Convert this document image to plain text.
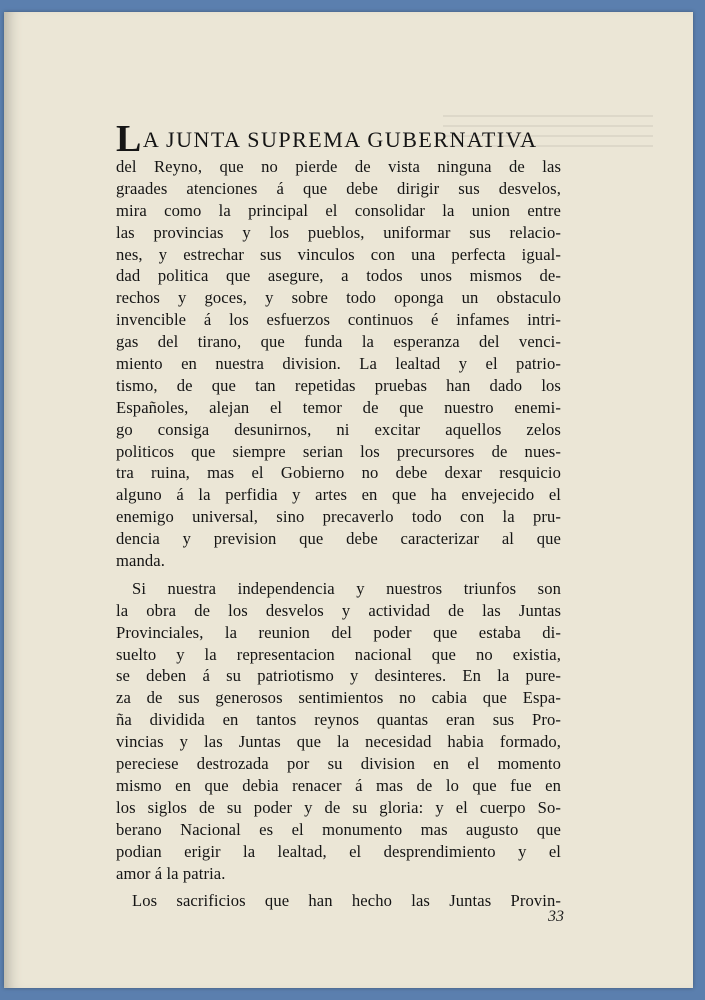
LA JUNTA SUPREMA GUBERNATIVA
del Reyno, que no pierde de vista ninguna de las
graades atenciones á que debe dirigir sus desvelos,
mira como la principal el consolidar la union entre
las provincias y los pueblos, uniformar sus relacio-
nes, y estrechar sus vinculos con una perfecta igual-
dad politica que asegure, a todos unos mismos de-
rechos y goces, y sobre todo oponga un obstaculo
invencible á los esfuerzos continuos é infames intri-
gas del tirano, que funda la esperanza del venci-
miento en nuestra division. La lealtad y el patrio-
tismo, de que tan repetidas pruebas han dado los
Españoles, alejan el temor de que nuestro enemi-
go consiga desunirnos, ni excitar aquellos zelos
politicos que siempre serian los precursores de nues-
tra ruina, mas el Gobierno no debe dexar resquicio
alguno á la perfidia y artes en que ha envejecido el
enemigo universal, sino precaverlo todo con la pru-
dencia y prevision que debe caracterizar al que
manda.
Si nuestra independencia y nuestros triunfos son
la obra de los desvelos y actividad de las Juntas
Provinciales, la reunion del poder que estaba di-
suelto y la representacion nacional que no existia,
se deben á su patriotismo y desinteres. En la pure-
za de sus generosos sentimientos no cabia que Espa-
ña dividida en tantos reynos quantas eran sus Pro-
vincias y las Juntas que la necesidad habia formado,
pereciese destrozada por su division en el momento
mismo en que debia renacer á mas de lo que fue en
los siglos de su poder y de su gloria: y el cuerpo So-
berano Nacional es el monumento mas augusto que
podian erigir la lealtad, el desprendimiento y el
amor á la patria.
Los sacrificios que han hecho las Juntas Provin-
33
